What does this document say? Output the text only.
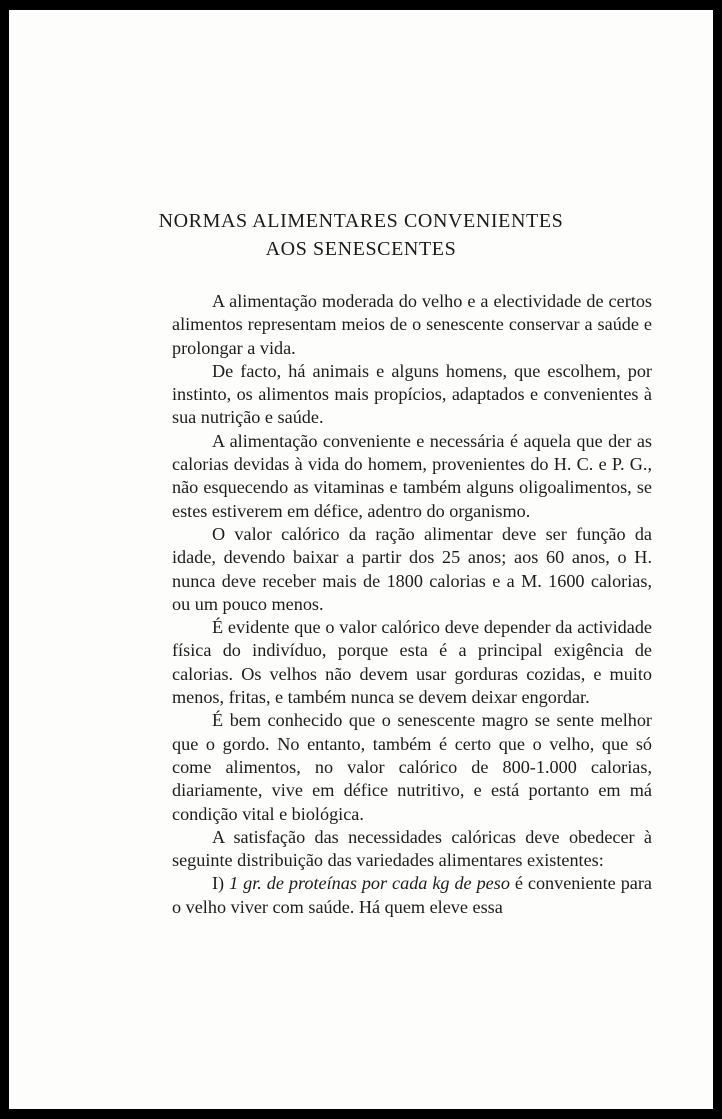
NORMAS ALIMENTARES CONVENIENTES
AOS SENESCENTES

A alimentação moderada do velho e a electividade de certos alimentos representam meios de o senescente conservar a saúde e prolongar a vida.

De facto, há animais e alguns homens, que escolhem, por instinto, os alimentos mais propícios, adaptados e convenientes à sua nutrição e saúde.

A alimentação conveniente e necessária é aquela que der as calorias devidas à vida do homem, provenientes do H. C. e P. G., não esquecendo as vitaminas e também alguns oligoalimentos, se estes estiverem em défice, adentro do organismo.

O valor calórico da ração alimentar deve ser função da idade, devendo baixar a partir dos 25 anos; aos 60 anos, o H. nunca deve receber mais de 1800 calorias e a M. 1600 calorias, ou um pouco menos.

É evidente que o valor calórico deve depender da actividade física do indivíduo, porque esta é a principal exigência de calorias. Os velhos não devem usar gorduras cozidas, e muito menos, fritas, e também nunca se devem deixar engordar.

É bem conhecido que o senescente magro se sente melhor que o gordo. No entanto, também é certo que o velho, que só come alimentos, no valor calórico de 800-1.000 calorias, diariamente, vive em défice nutritivo, e está portanto em má condição vital e biológica.

A satisfação das necessidades calóricas deve obedecer à seguinte distribuição das variedades alimentares existentes:

I) 1 gr. de proteínas por cada kg de peso é conveniente para o velho viver com saúde. Há quem eleve essa
